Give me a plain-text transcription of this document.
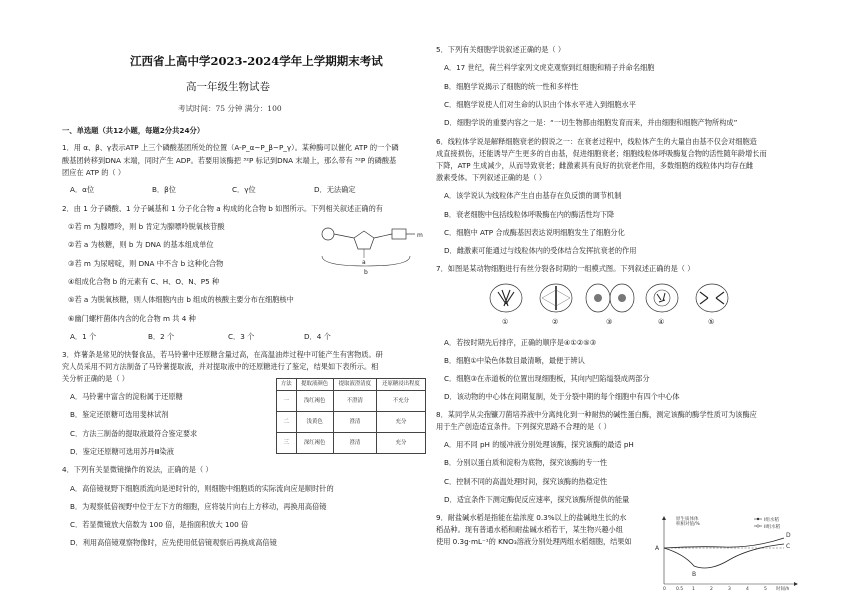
江西省上高中学2023-2024学年上学期期末考试
高一年级生物试卷
考试时间：75 分钟 满分：100
一、单选题（共12小题，每题2分共24分）
1．用 α、β、γ表示ATP 上三个磷酸基团所处的位置（A-P_α~P_β~P_γ）。某种酶可以催化 ATP 的一个磷
酸基团转移到DNA 末端，同时产生 ADP。若要用该酶把 ³²P 标记到DNA 末端上，那么带有 ³²P 的磷酸基
团应在 ATP 的（ ）
A．α位	B．β位	C．γ位	D．无法确定
2．由 1 分子磷酸、1 分子碱基和 1 分子化合物 a 构成的化合物 b 如图所示。下列相关叙述正确的有
①若 m 为腺嘌呤，则 b 肯定为腺嘌呤脱氧核苷酸
②若 a 为核糖，则 b 为 DNA 的基本组成单位
③若 m 为尿嘧啶，则 DNA 中不含 b 这种化合物
④组成化合物 b 的元素有 C、H、O、N、P5 种
⑤若 a 为脱氧核糖，则人体细胞内由 b 组成的核酸主要分布在细胞核中
⑥幽门螺杆菌体内含的化合物 m 共 4 种
A．1 个	B．2 个	C．3 个	D．4 个
m
a
b
3．炸薯条是常见的快餐食品，若马铃薯中还原糖含量过高，在高温油炸过程中可能产生有害物质。研
究人员采用不同方法制备了马铃薯提取液，并对提取液中的还原糖进行了鉴定，结果如下表所示。相
关分析正确的是（ ）
A．马铃薯中富含的淀粉属于还原糖
B．鉴定还原糖可选用斐林试剂
C．方法三制备的提取液最符合鉴定要求
D．鉴定还原糖可选用苏丹Ⅲ染液
方法	提取液颜色	提取液澄清度	还原糖浸出程度
一	浅红褐色	不澄清	不充分
二	浅黄色	澄清	充分
三	深红褐色	澄清	充分
4．下列有关显微镜操作的说法，正确的是（ ）
A．高倍镜视野下细胞质流向是逆时针的，则细胞中细胞质的实际流向应是顺时针的
B．为观察低倍视野中位于左下方的细胞，应将装片向右上方移动，再换用高倍镜
C．若显微镜放大倍数为 100 倍，是指面积放大 100 倍
D．利用高倍镜观察物像时，应先使用低倍镜观察后再换成高倍镜
5．下列有关细胞学说叙述正确的是（ ）
A．17 世纪，荷兰科学家列文虎克观察到红细胞和精子并命名细胞
B．细胞学说揭示了细胞的统一性和多样性
C．细胞学说使人们对生命的认识由个体水平进入到细胞水平
D．细胞学说的重要内容之一是：“一切生物都由细胞发育而来，并由细胞和细胞产物所构成”
6．线粒体学说是解释细胞衰老的假说之一：在衰老过程中，线粒体产生的大量自由基不仅会对细胞造
成直接损伤，还能诱导产生更多的自由基，促进细胞衰老；细胞线粒体呼吸酶复合物的活性随年龄增长而
下降，ATP 生成减少，从而导致衰老；雌激素具有良好的抗衰老作用，多数细胞的线粒体内均存在雌
激素受体。下列叙述正确的是（ ）
A．该学说认为线粒体产生自由基存在负反馈的调节机制
B．衰老细胞中包括线粒体呼吸酶在内的酶活性均下降
C．细胞中 ATP 合成酶基因表达说明细胞发生了细胞分化
D．雌激素可能通过与线粒体内的受体结合发挥抗衰老的作用
7．如图是某动物细胞进行有丝分裂各时期的一组模式图。下列叙述正确的是（ ）
①	②	③	④	⑤
A．若按时期先后排序，正确的顺序是④①②⑤③
B．细胞①中染色体数目最清晰，最便于辨认
C．细胞③在赤道板的位置出现细胞板，其向内凹陷缢裂成两部分
D．该动物的中心体在间期复制，处于分裂中期的每个细胞中有四个中心体
8．某同学从尖孢镰刀菌培养液中分离纯化到一种耐热的碱性蛋白酶，测定该酶的酶学性质可为该酶应
用于生产创造适宜条件。下列探究思路不合理的是（ ）
A．用不同 pH 的缓冲液分别处理该酶，探究该酶的最适 pH
B．分别以蛋白质和淀粉为底物，探究该酶的专一性
C．控制不同的高温处理时间，探究该酶的热稳定性
D．适宜条件下测定酶促反应速率，探究该酶所提供的能量
9．耐盐碱水稻是指能在盐浓度 0.3%以上的盐碱地生长的水
稻品种。现有普通水稻和耐盐碱水稻若干，某生物兴趣小组
使用 0.3g·mL⁻¹的 KNO₃溶液分别处理两组水稻细胞，结果如
原生质体体
积相对值/%
I组水稻
II组水稻
A
B
C
D
0 0.5 1	2	3	4	5 时间/h
